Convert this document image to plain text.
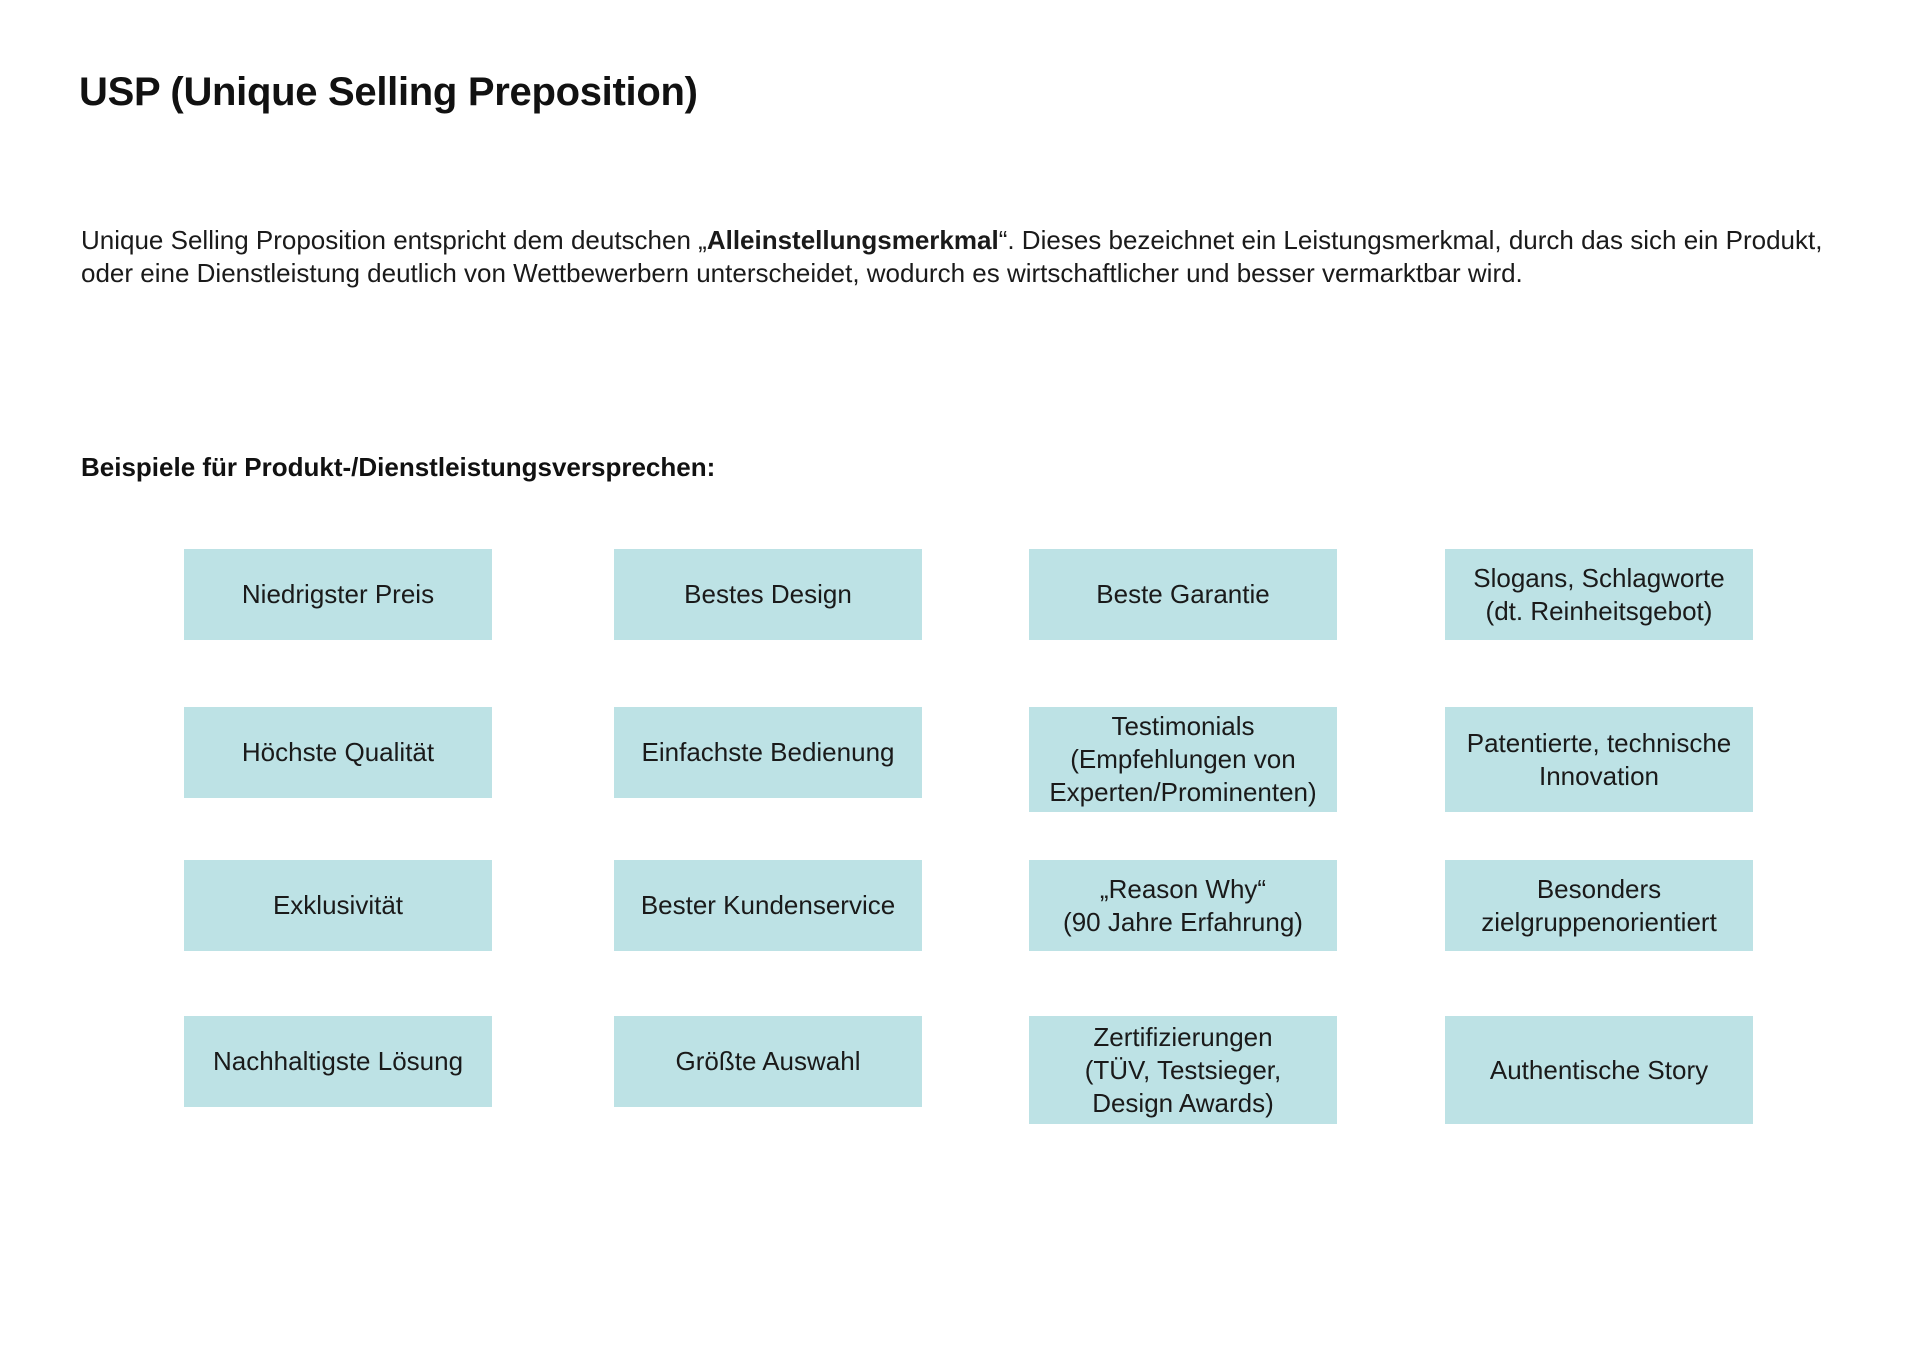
USP (Unique Selling Preposition)

Unique Selling Proposition entspricht dem deutschen „Alleinstellungsmerkmal“. Dieses bezeichnet ein Leistungsmerkmal, durch das sich ein Produkt, oder eine Dienstleistung deutlich von Wettbewerbern unterscheidet, wodurch es wirtschaftlicher und besser vermarktbar wird.

Beispiele für Produkt-/Dienstleistungsversprechen:
Niedrigster Preis	Bestes Design	Beste Garantie
Slogans, Schlagworte
(dt. Reinheitsgebot)
Höchste Qualität	Einfachste Bedienung
Testimonials
(Empfehlungen von
Experten/Prominenten)
Patentierte, technische
Innovation
Exklusivität	Bester Kundenservice
„Reason Why“
(90 Jahre Erfahrung)
Besonders
zielgruppenorientiert
Nachhaltigste Lösung	Größte Auswahl
Zertifizierungen
(TÜV, Testsieger,
Design Awards)
Authentische Story
